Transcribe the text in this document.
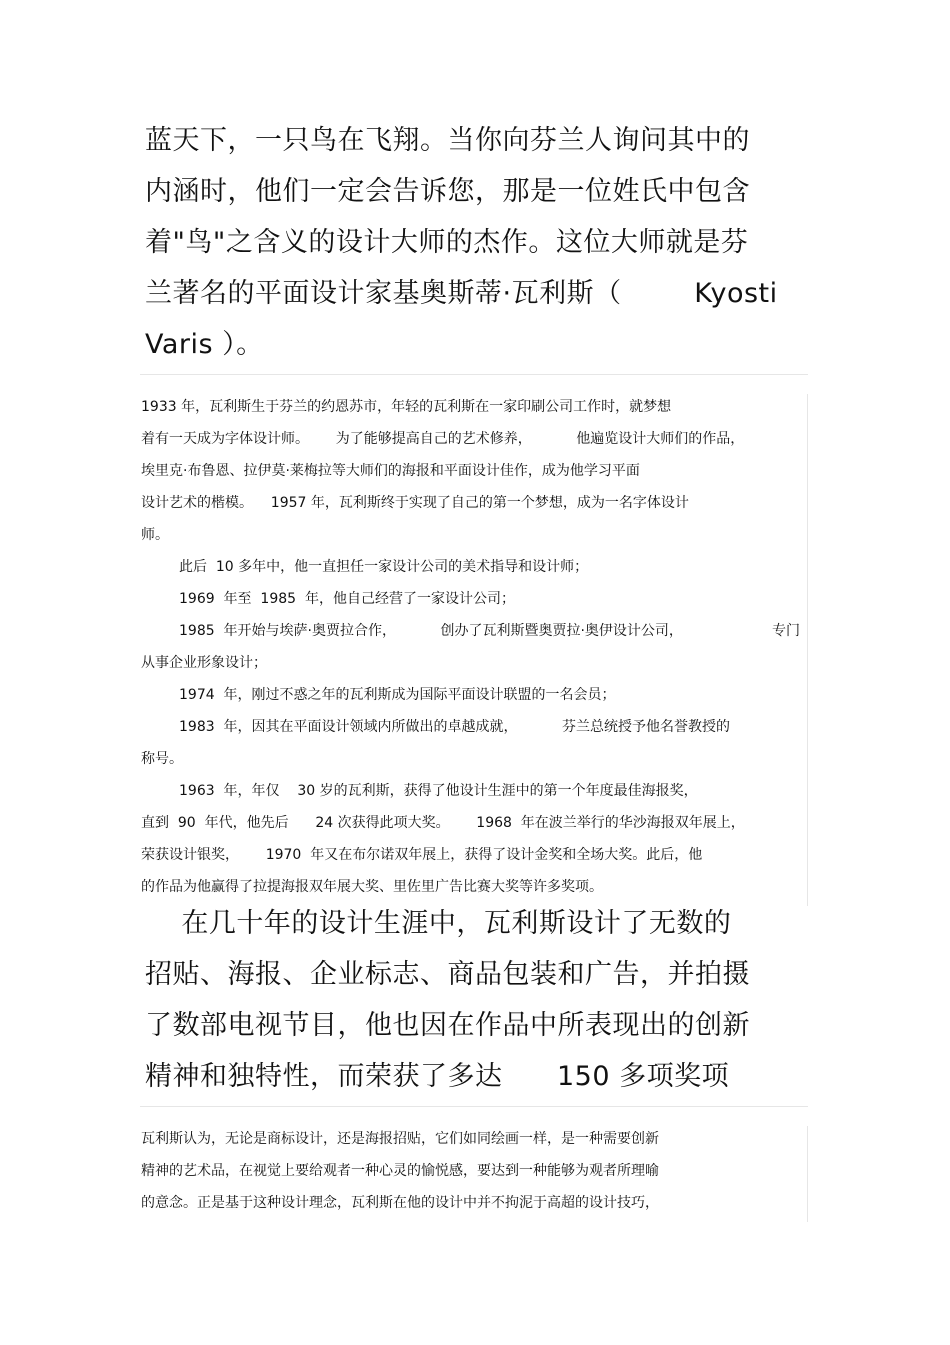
蓝天下，一只鸟在飞翔。当你向芬兰人询问其中的
内涵时，他们一定会告诉您，那是一位姓氏中包含
着"鸟"之含义的设计大师的杰作。这位大师就是芬
兰著名的平面设计家基奥斯蒂·瓦利斯（        Kyosti
Varis ）。
1933 年，瓦利斯生于芬兰的约恩苏市，年轻的瓦利斯在一家印刷公司工作时，就梦想
着有一天成为字体设计师。      为了能够提高自己的艺术修养，          他遍览设计大师们的作品，
埃里克·布鲁恩、拉伊莫·莱梅拉等大师们的海报和平面设计佳作，成为他学习平面
设计艺术的楷模。    1957 年，瓦利斯终于实现了自己的第一个梦想，成为一名字体设计
师。
此后  10 多年中，他一直担任一家设计公司的美术指导和设计师；
1969  年至  1985  年，他自己经营了一家设计公司；
1985  年开始与埃萨·奥贾拉合作，          创办了瓦利斯暨奥贾拉·奥伊设计公司，	专门
从事企业形象设计；
1974  年，刚过不惑之年的瓦利斯成为国际平面设计联盟的一名会员；
1983  年，因其在平面设计领域内所做出的卓越成就，          芬兰总统授予他名誉教授的
称号。
1963  年，年仅    30 岁的瓦利斯，获得了他设计生涯中的第一个年度最佳海报奖，
直到  90  年代，他先后      24 次获得此项大奖。      1968  年在波兰举行的华沙海报双年展上，
荣获设计银奖，      1970  年又在布尔诺双年展上，获得了设计金奖和全场大奖。此后，他
的作品为他赢得了拉提海报双年展大奖、里佐里广告比赛大奖等许多奖项。
在几十年的设计生涯中，瓦利斯设计了无数的
招贴、海报、企业标志、商品包装和广告，并拍摄
了数部电视节目，他也因在作品中所表现出的创新
精神和独特性，而荣获了多达      150 多项奖项
瓦利斯认为，无论是商标设计，还是海报招贴，它们如同绘画一样，是一种需要创新
精神的艺术品，在视觉上要给观者一种心灵的愉悦感，要达到一种能够为观者所理喻
的意念。正是基于这种设计理念，瓦利斯在他的设计中并不拘泥于高超的设计技巧，
